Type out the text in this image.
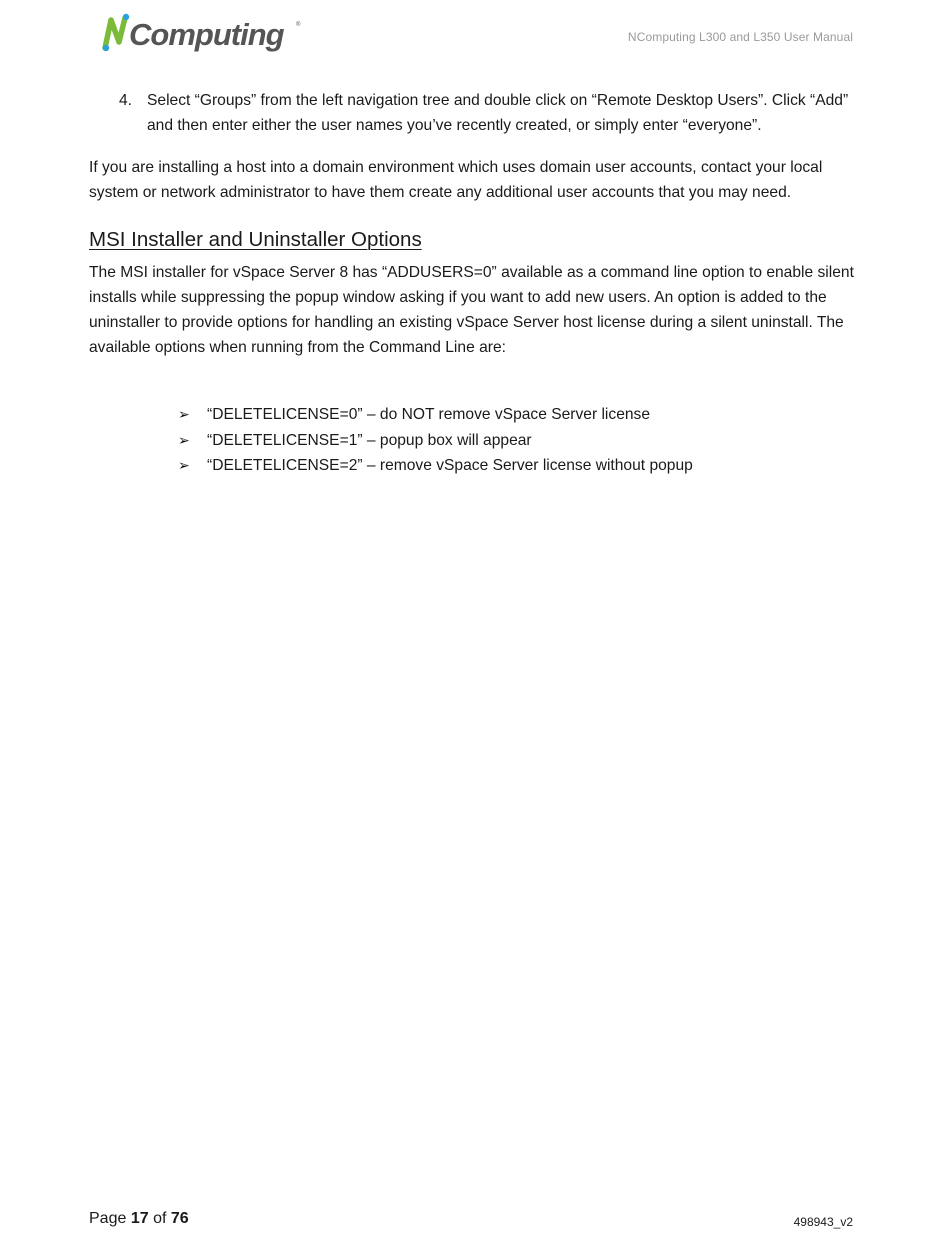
Computing ®
NComputing L300 and L350 User Manual

4. Select “Groups” from the left navigation tree and double click on “Remote Desktop Users”. Click “Add” and then enter either the user names you’ve recently created, or simply enter “everyone”.

If you are installing a host into a domain environment which uses domain user accounts, contact your local system or network administrator to have them create any additional user accounts that you may need.

MSI Installer and Uninstaller Options

The MSI installer for vSpace Server 8 has “ADDUSERS=0” available as a command line option to enable silent installs while suppressing the popup window asking if you want to add new users. An option is added to the uninstaller to provide options for handling an existing vSpace Server host license during a silent uninstall. The available options when running from the Command Line are:

➢ “DELETELICENSE=0” – do NOT remove vSpace Server license
➢ “DELETELICENSE=1” – popup box will appear
➢ “DELETELICENSE=2” – remove vSpace Server license without popup
Page 17 of 76	498943_v2
